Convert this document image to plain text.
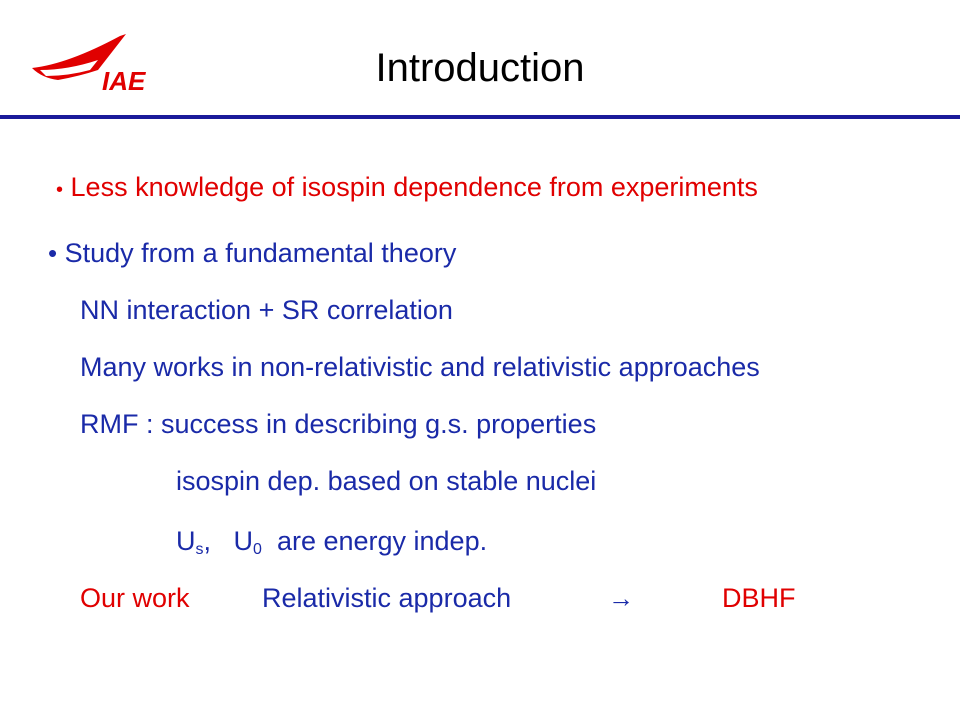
IAE	Introduction
• Less knowledge of isospin dependence from experiments
• Study from a fundamental theory
NN interaction + SR correlation
Many works in non-relativistic and relativistic approaches
RMF : success in describing g.s. properties
isospin dep. based on stable nuclei
$U_s$,   $U_0$ are energy indep.
Our work	Relativistic approach	→	DBHF
